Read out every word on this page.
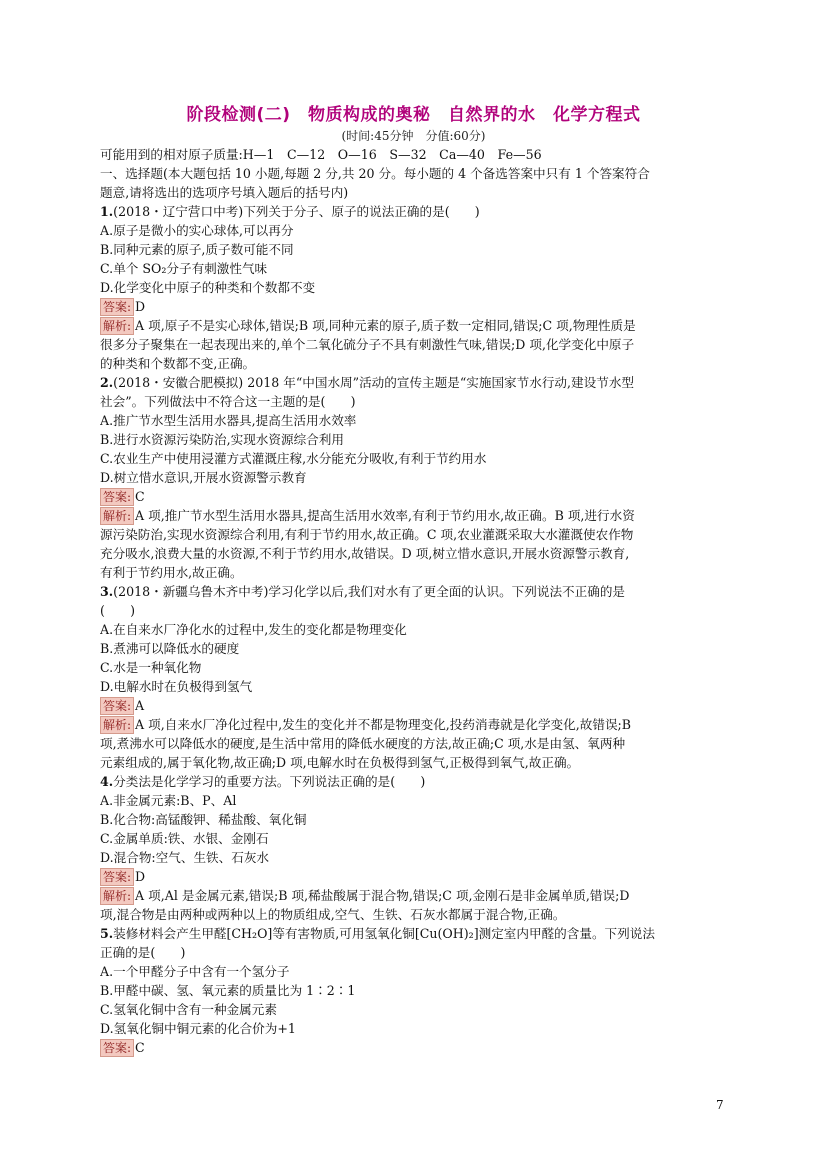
阶段检测(二)　物质构成的奥秘　自然界的水　化学方程式
(时间:45分钟　分值:60分)
可能用到的相对原子质量:H—1　C—12　O—16　S—32　Ca—40　Fe—56
一、选择题(本大题包括 10 小题,每题 2 分,共 20 分。每小题的 4 个备选答案中只有 1 个答案符合
题意,请将选出的选项序号填入题后的括号内)
1.(2018・辽宁营口中考)下列关于分子、原子的说法正确的是(　　)
A.原子是微小的实心球体,可以再分
B.同种元素的原子,质子数可能不同
C.单个 SO₂分子有刺激性气味
D.化学变化中原子的种类和个数都不变
答案: D
解析: A 项,原子不是实心球体,错误;B 项,同种元素的原子,质子数一定相同,错误;C 项,物理性质是
很多分子聚集在一起表现出来的,单个二氧化硫分子不具有刺激性气味,错误;D 项,化学变化中原子
的种类和个数都不变,正确。
2.(2018・安徽合肥模拟) 2018 年“中国水周”活动的宣传主题是“实施国家节水行动,建设节水型
社会”。下列做法中不符合这一主题的是(　　)
A.推广节水型生活用水器具,提高生活用水效率
B.进行水资源污染防治,实现水资源综合利用
C.农业生产中使用浸灌方式灌溉庄稼,水分能充分吸收,有利于节约用水
D.树立惜水意识,开展水资源警示教育
答案: C
解析: A 项,推广节水型生活用水器具,提高生活用水效率,有利于节约用水,故正确。B 项,进行水资
源污染防治,实现水资源综合利用,有利于节约用水,故正确。C 项,农业灌溉采取大水灌溉使农作物
充分吸水,浪费大量的水资源,不利于节约用水,故错误。D 项,树立惜水意识,开展水资源警示教育,
有利于节约用水,故正确。
3.(2018・新疆乌鲁木齐中考)学习化学以后,我们对水有了更全面的认识。下列说法不正确的是
(　　)
A.在自来水厂净化水的过程中,发生的变化都是物理变化
B.煮沸可以降低水的硬度
C.水是一种氧化物
D.电解水时在负极得到氢气
答案: A
解析: A 项,自来水厂净化过程中,发生的变化并不都是物理变化,投药消毒就是化学变化,故错误;B
项,煮沸水可以降低水的硬度,是生活中常用的降低水硬度的方法,故正确;C 项,水是由氢、氧两种
元素组成的,属于氧化物,故正确;D 项,电解水时在负极得到氢气,正极得到氧气,故正确。
4.分类法是化学学习的重要方法。下列说法正确的是(　　)
A.非金属元素:B、P、Al
B.化合物:高锰酸钾、稀盐酸、氧化铜
C.金属单质:铁、水银、金刚石
D.混合物:空气、生铁、石灰水
答案: D
解析: A 项,Al 是金属元素,错误;B 项,稀盐酸属于混合物,错误;C 项,金刚石是非金属单质,错误;D
项,混合物是由两种或两种以上的物质组成,空气、生铁、石灰水都属于混合物,正确。
5.装修材料会产生甲醛[CH₂O]等有害物质,可用氢氧化铜[Cu(OH)₂]测定室内甲醛的含量。下列说法
正确的是(　　)
A.一个甲醛分子中含有一个氢分子
B.甲醛中碳、氢、氧元素的质量比为 1∶2∶1
C.氢氧化铜中含有一种金属元素
D.氢氧化铜中铜元素的化合价为+1
答案: C
7
